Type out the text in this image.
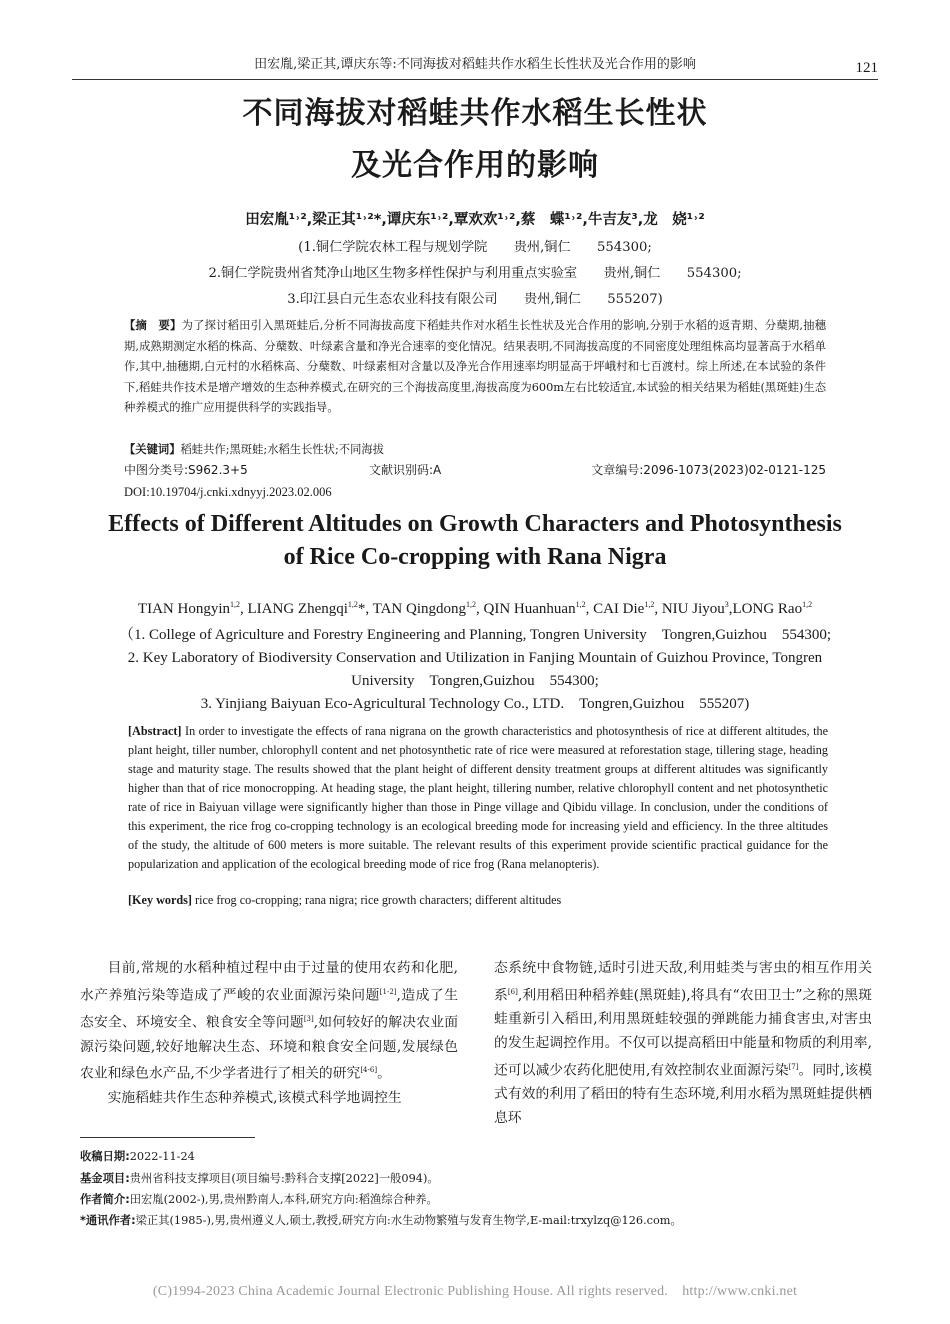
田宏胤,梁正其,谭庆东等:不同海拔对稻蛙共作水稻生长性状及光合作用的影响	121
不同海拔对稻蛙共作水稻生长性状
及光合作用的影响
田宏胤¹˒²,梁正其¹˒²*,谭庆东¹˒²,覃欢欢¹˒²,蔡　蝶¹˒²,牛吉友³,龙　娆¹˒²
(1.铜仁学院农林工程与规划学院　　贵州,铜仁　　554300;
2.铜仁学院贵州省梵净山地区生物多样性保护与利用重点实验室　　贵州,铜仁　　554300;
3.印江县白元生态农业科技有限公司　　贵州,铜仁　　555207)
【摘　要】为了探讨稻田引入黑斑蛙后,分析不同海拔高度下稻蛙共作对水稻生长性状及光合作用的影响,分别于水稻的返青期、分蘖期,抽穗期,成熟期测定水稻的株高、分蘖数、叶绿素含量和净光合速率的变化情况。结果表明,不同海拔高度的不同密度处理组株高均显著高于水稻单作,其中,抽穗期,白元村的水稻株高、分蘖数、叶绿素相对含量以及净光合作用速率均明显高于坪峨村和七百渡村。综上所述,在本试验的条件下,稻蛙共作技术是增产增效的生态种养模式,在研究的三个海拔高度里,海拔高度为600m左右比较适宜,本试验的相关结果为稻蛙(黑斑蛙)生态种养模式的推广应用提供科学的实践指导。
【关键词】稻蛙共作;黑斑蛙;水稻生长性状;不同海拔
中图分类号:S962.3+5	文献识别码:A	文章编号:2096-1073(2023)02-0121-125
DOI:10.19704/j.cnki.xdnyyj.2023.02.006
Effects of Different Altitudes on Growth Characters and Photosynthesis
of Rice Co-cropping with Rana Nigra
TIAN Hongyin$^{1,2}$, LIANG Zhengqi$^{1,2}$*, TAN Qingdong$^{1,2}$, QIN Huanhuan$^{1,2}$, CAI Die$^{1,2}$, NIU Jiyou$^3$,LONG Rao$^{1,2}$
（1. College of Agriculture and Forestry Engineering and Planning, Tongren University　Tongren,Guizhou　554300;
2. Key Laboratory of Biodiversity Conservation and Utilization in Fanjing Mountain of Guizhou Province, Tongren
University　Tongren,Guizhou　554300;
3. Yinjiang Baiyuan Eco-Agricultural Technology Co., LTD.　Tongren,Guizhou　555207)
[Abstract] In order to investigate the effects of rana nigrana on the growth characteristics and photosynthesis of rice at different altitudes, the plant height, tiller number, chlorophyll content and net photosynthetic rate of rice were measured at reforestation stage, tillering stage, heading stage and maturity stage. The results showed that the plant height of different density treatment groups at different altitudes was significantly higher than that of rice monocropping. At heading stage, the plant height, tillering number, relative chlorophyll content and net photosynthetic rate of rice in Baiyuan village were significantly higher than those in Pinge village and Qibidu village. In conclusion, under the conditions of this experiment, the rice frog co-cropping technology is an ecological breeding mode for increasing yield and efficiency. In the three altitudes of the study, the altitude of 600 meters is more suitable. The relevant results of this experiment provide scientific practical guidance for the popularization and application of the ecological breeding mode of rice frog (Rana melanopteris).
[Key words] rice frog co-cropping; rana nigra; rice growth characters; different altitudes
目前,常规的水稻种植过程中由于过量的使用农药和化肥,水产养殖污染等造成了严峻的农业面源污染问题[1-2],造成了生态安全、环境安全、粮食安全等问题[3],如何较好的解决农业面源污染问题,较好地解决生态、环境和粮食安全问题,发展绿色农业和绿色水产品,不少学者进行了相关的研究[4-6]。
实施稻蛙共作生态种养模式,该模式科学地调控生
态系统中食物链,适时引进天敌,利用蛙类与害虫的相互作用关系[6],利用稻田种稻养蛙(黑斑蛙),将具有“农田卫士”之称的黑斑蛙重新引入稻田,利用黑斑蛙较强的弹跳能力捕食害虫,对害虫的发生起调控作用。不仅可以提高稻田中能量和物质的利用率,还可以减少农药化肥使用,有效控制农业面源污染[7]。同时,该模式有效的利用了稻田的特有生态环境,利用水稻为黑斑蛙提供栖息环
收稿日期:2022-11-24
基金项目:贵州省科技支撑项目(项目编号:黔科合支撑[2022]一般094)。
作者简介:田宏胤(2002-),男,贵州黔南人,本科,研究方向:稻渔综合种养。
*通讯作者:梁正其(1985-),男,贵州遵义人,硕士,教授,研究方向:水生动物繁殖与发育生物学,E-mail:trxylzq@126.com。
(C)1994-2023 China Academic Journal Electronic Publishing House. All rights reserved.　http://www.cnki.net
